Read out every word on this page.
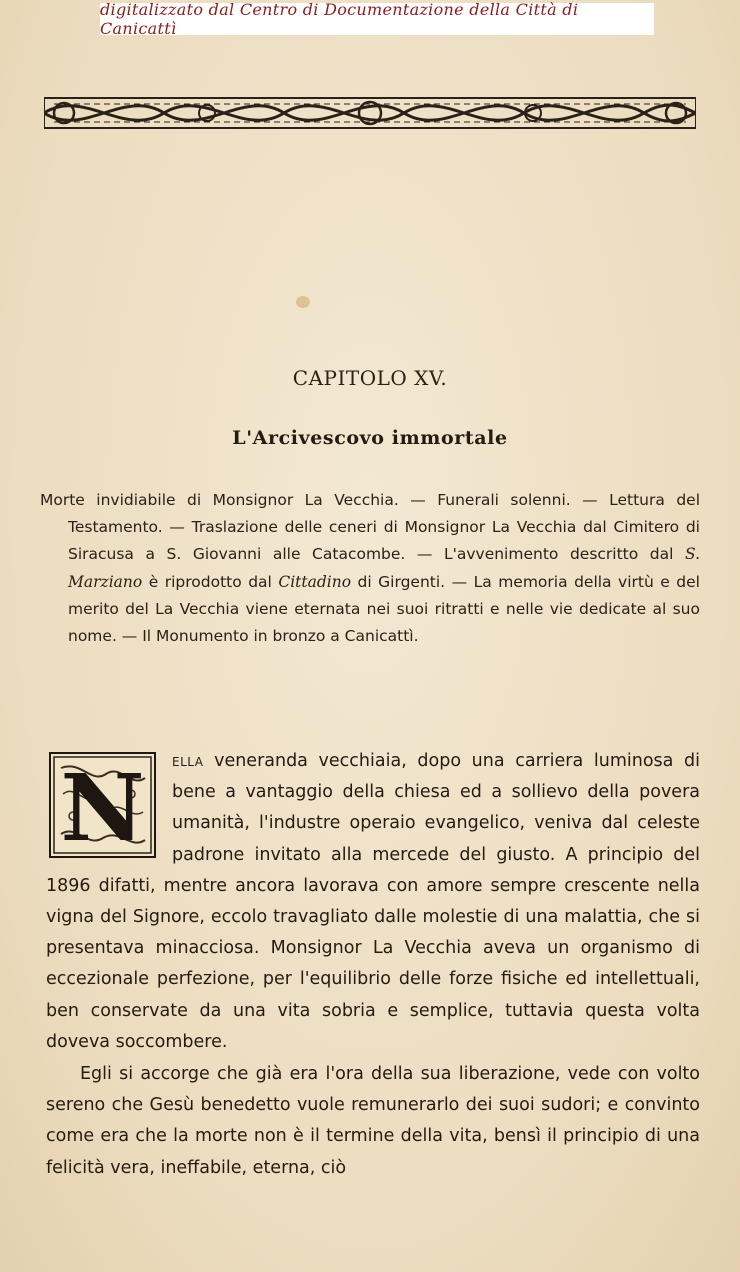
digitalizzato dal Centro di Documentazione della Città di Canicattì
CAPITOLO XV.
L'Arcivescovo immortale
Morte invidiabile di Monsignor La Vecchia. — Funerali solenni. — Lettura del Testamento. — Traslazione delle ceneri di Monsignor La Vecchia dal Cimitero di Siracusa a S. Giovanni alle Catacombe. — L'avvenimento descritto dal S. Marziano è riprodotto dal Cittadino di Girgenti. — La memoria della virtù e del merito del La Vecchia viene eternata nei suoi ritratti e nelle vie dedicate al suo nome. — Il Monumento in bronzo a Canicattì.
ella veneranda vecchiaia, dopo una carriera luminosa di bene a vantaggio della chiesa ed a sollievo della povera umanità, l'industre operaio evangelico, veniva dal celeste padrone invitato alla mercede del giusto. A principio del 1896 difatti, mentre ancora lavorava con amore sempre crescente nella vigna del Signore, eccolo travagliato dalle molestie di una malattia, che si presentava minacciosa. Monsignor La Vecchia aveva un organismo di eccezionale perfezione, per l'equilibrio delle forze fisiche ed intellettuali, ben conservate da una vita sobria e semplice, tuttavia questa volta doveva soccombere.
N
Egli si accorge che già era l'ora della sua liberazione, vede con volto sereno che Gesù benedetto vuole remunerarlo dei suoi sudori; e convinto come era che la morte non è il termine della vita, bensì il principio di una felicità vera, ineffabile, eterna, ciò
